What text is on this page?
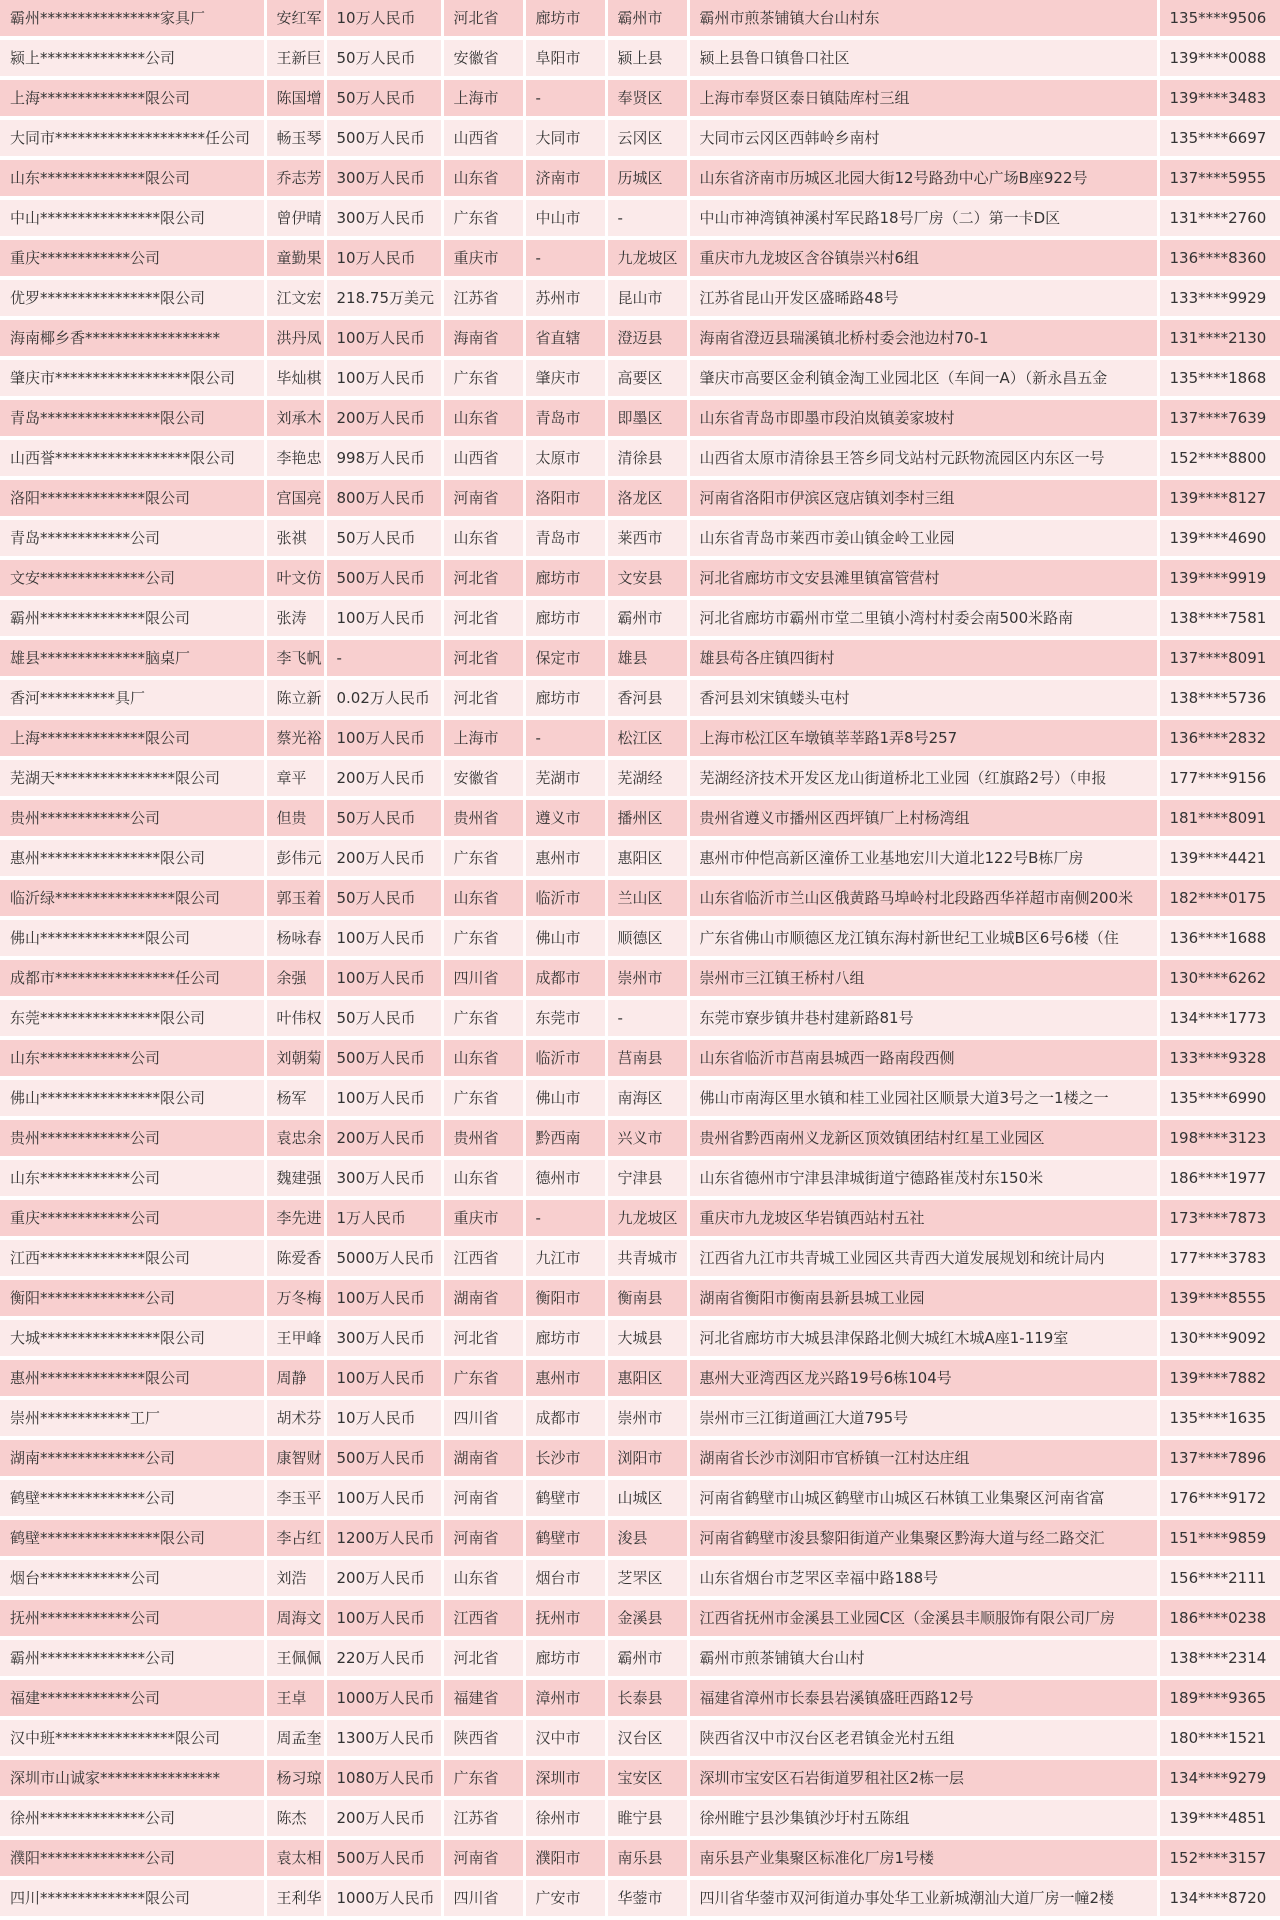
霸州****************家具厂	安红军	10万人民币	河北省	廊坊市	霸州市	霸州市煎茶铺镇大台山村东	135****9506
颍上**************公司	王新巨	50万人民币	安徽省	阜阳市	颍上县	颍上县鲁口镇鲁口社区	139****0088
上海**************限公司	陈国增	50万人民币	上海市	-	奉贤区	上海市奉贤区泰日镇陆库村三组	139****3483
大同市********************任公司	畅玉琴	500万人民币	山西省	大同市	云冈区	大同市云冈区西韩岭乡南村	135****6697
山东**************限公司	乔志芳	300万人民币	山东省	济南市	历城区	山东省济南市历城区北园大街12号路劲中心广场B座922号	137****5955
中山****************限公司	曾伊晴	300万人民币	广东省	中山市	-	中山市神湾镇神溪村军民路18号厂房（二）第一卡D区	131****2760
重庆************公司	童勤果	10万人民币	重庆市	-	九龙坡区	重庆市九龙坡区含谷镇崇兴村6组	136****8360
优罗****************限公司	江文宏	218.75万美元	江苏省	苏州市	昆山市	江苏省昆山开发区盛晞路48号	133****9929
海南椰乡香******************	洪丹凤	100万人民币	海南省	省直辖	澄迈县	海南省澄迈县瑞溪镇北桥村委会池边村70-1	131****2130
肇庆市******************限公司	毕灿棋	100万人民币	广东省	肇庆市	高要区	肇庆市高要区金利镇金淘工业园北区（车间一A）（新永昌五金	135****1868
青岛****************限公司	刘承木	200万人民币	山东省	青岛市	即墨区	山东省青岛市即墨市段泊岚镇姜家坡村	137****7639
山西誉******************限公司	李艳忠	998万人民币	山西省	太原市	清徐县	山西省太原市清徐县王答乡同戈站村元跃物流园区内东区一号	152****8800
洛阳**************限公司	宫国亮	800万人民币	河南省	洛阳市	洛龙区	河南省洛阳市伊滨区寇店镇刘李村三组	139****8127
青岛************公司	张祺	50万人民币	山东省	青岛市	莱西市	山东省青岛市莱西市姜山镇金岭工业园	139****4690
文安**************公司	叶文仿	500万人民币	河北省	廊坊市	文安县	河北省廊坊市文安县滩里镇富管营村	139****9919
霸州**************限公司	张涛	100万人民币	河北省	廊坊市	霸州市	河北省廊坊市霸州市堂二里镇小湾村村委会南500米路南	138****7581
雄县**************脑桌厂	李飞帆	-	河北省	保定市	雄县	雄县苟各庄镇四街村	137****8091
香河**********具厂	陈立新	0.02万人民币	河北省	廊坊市	香河县	香河县刘宋镇蝼头屯村	138****5736
上海**************限公司	蔡光裕	100万人民币	上海市	-	松江区	上海市松江区车墩镇莘莘路1弄8号257	136****2832
芜湖天****************限公司	章平	200万人民币	安徽省	芜湖市	芜湖经	芜湖经济技术开发区龙山街道桥北工业园（红旗路2号）（申报	177****9156
贵州************公司	但贵	50万人民币	贵州省	遵义市	播州区	贵州省遵义市播州区西坪镇厂上村杨湾组	181****8091
惠州****************限公司	彭伟元	200万人民币	广东省	惠州市	惠阳区	惠州市仲恺高新区潼侨工业基地宏川大道北122号B栋厂房	139****4421
临沂绿****************限公司	郭玉着	50万人民币	山东省	临沂市	兰山区	山东省临沂市兰山区俄黄路马埠岭村北段路西华祥超市南侧200米	182****0175
佛山**************限公司	杨咏春	100万人民币	广东省	佛山市	顺德区	广东省佛山市顺德区龙江镇东海村新世纪工业城B区6号6楼（住	136****1688
成都市****************任公司	余强	100万人民币	四川省	成都市	崇州市	崇州市三江镇王桥村八组	130****6262
东莞****************限公司	叶伟权	50万人民币	广东省	东莞市	-	东莞市寮步镇井巷村建新路81号	134****1773
山东************公司	刘朝菊	500万人民币	山东省	临沂市	莒南县	山东省临沂市莒南县城西一路南段西侧	133****9328
佛山****************限公司	杨军	100万人民币	广东省	佛山市	南海区	佛山市南海区里水镇和桂工业园社区顺景大道3号之一1楼之一	135****6990
贵州************公司	袁忠余	200万人民币	贵州省	黔西南	兴义市	贵州省黔西南州义龙新区顶效镇团结村红星工业园区	198****3123
山东************公司	魏建强	300万人民币	山东省	德州市	宁津县	山东省德州市宁津县津城街道宁德路崔茂村东150米	186****1977
重庆************公司	李先进	1万人民币	重庆市	-	九龙坡区	重庆市九龙坡区华岩镇西站村五社	173****7873
江西**************限公司	陈爱香	5000万人民币	江西省	九江市	共青城市	江西省九江市共青城工业园区共青西大道发展规划和统计局内	177****3783
衡阳**************公司	万冬梅	100万人民币	湖南省	衡阳市	衡南县	湖南省衡阳市衡南县新县城工业园	139****8555
大城****************限公司	王甲峰	300万人民币	河北省	廊坊市	大城县	河北省廊坊市大城县津保路北侧大城红木城A座1-119室	130****9092
惠州**************限公司	周静	100万人民币	广东省	惠州市	惠阳区	惠州大亚湾西区龙兴路19号6栋104号	139****7882
崇州************工厂	胡术芬	10万人民币	四川省	成都市	崇州市	崇州市三江街道画江大道795号	135****1635
湖南**************公司	康智财	500万人民币	湖南省	长沙市	浏阳市	湖南省长沙市浏阳市官桥镇一江村达庄组	137****7896
鹤壁**************公司	李玉平	100万人民币	河南省	鹤壁市	山城区	河南省鹤壁市山城区鹤壁市山城区石林镇工业集聚区河南省富	176****9172
鹤壁****************限公司	李占红	1200万人民币	河南省	鹤壁市	浚县	河南省鹤壁市浚县黎阳街道产业集聚区黔海大道与经二路交汇	151****9859
烟台************公司	刘浩	200万人民币	山东省	烟台市	芝罘区	山东省烟台市芝罘区幸福中路188号	156****2111
抚州************公司	周海文	100万人民币	江西省	抚州市	金溪县	江西省抚州市金溪县工业园C区（金溪县丰顺服饰有限公司厂房	186****0238
霸州**************公司	王佩佩	220万人民币	河北省	廊坊市	霸州市	霸州市煎茶铺镇大台山村	138****2314
福建************公司	王卓	1000万人民币	福建省	漳州市	长泰县	福建省漳州市长泰县岩溪镇盛旺西路12号	189****9365
汉中班****************限公司	周孟奎	1300万人民币	陕西省	汉中市	汉台区	陕西省汉中市汉台区老君镇金光村五组	180****1521
深圳市山诚家****************	杨习琼	1080万人民币	广东省	深圳市	宝安区	深圳市宝安区石岩街道罗租社区2栋一层	134****9279
徐州**************公司	陈杰	200万人民币	江苏省	徐州市	睢宁县	徐州睢宁县沙集镇沙圩村五陈组	139****4851
濮阳**************公司	袁太相	500万人民币	河南省	濮阳市	南乐县	南乐县产业集聚区标准化厂房1号楼	152****3157
四川**************限公司	王利华	1000万人民币	四川省	广安市	华蓥市	四川省华蓥市双河街道办事处华工业新城潮汕大道厂房一幢2楼	134****8720
